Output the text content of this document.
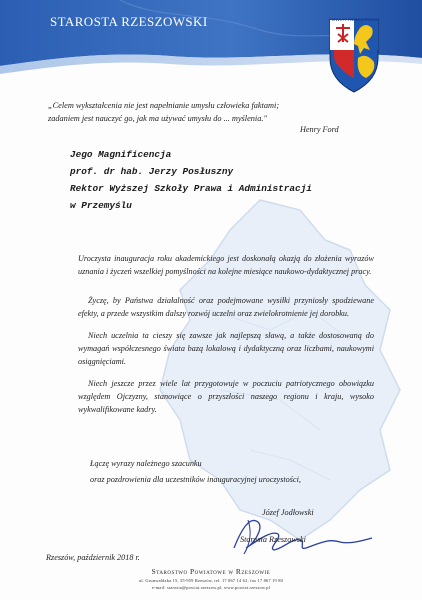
STAROSTA RZESZOWSKI	POWIAT RZESZOWSKI
„Celem wykształcenia nie jest napełnianie umysłu człowieka faktami;
zadaniem jest nauczyć go, jak ma używać umysłu do ... myślenia."
Henry Ford
Jego Magnificencja
prof. dr hab. Jerzy Posłuszny
Rektor Wyższej Szkoły Prawa i Administracji
w Przemyślu

Uroczysta inauguracja roku akademickiego jest doskonałą okazją do złożenia wyrazów uznania i życzeń wszelkiej pomyślności na kolejne miesiące naukowo-dydaktycznej pracy.

Życzę, by Państwa działalność oraz podejmowane wysiłki przyniosły spodziewane efekty, a przede wszystkim dalszy rozwój uczelni oraz zwielokrotnienie jej dorobku.

Niech uczelnia ta cieszy się zawsze jak najlepszą sławą, a także dostosowaną do wymagań współczesnego świata bazą lokalową i dydaktyczną oraz liczbami, naukowymi osiągnięciami.

Niech jeszcze przez wiele lat przygotowuje w poczuciu patriotycznego obowiązku względem Ojczyzny, stanowiące o przyszłości naszego regionu i kraju, wysoko wykwalifikowane kadry.

Łączę wyrazy należnego szacunku
oraz pozdrowienia dla uczestników inauguracyjnej uroczystości,
Józef Jodłowski
Starosta Rzeszowski
Rzeszów, październik 2018 r.
Starostwo Powiatowe w Rzeszowie
ul. Grunwaldzka 15, 35-959 Rzeszów, tel. 17 867 14 62, fax 17 867 19 80
e-mail: starosta@powiat.rzeszow.pl, www.powiat.rzeszow.pl
